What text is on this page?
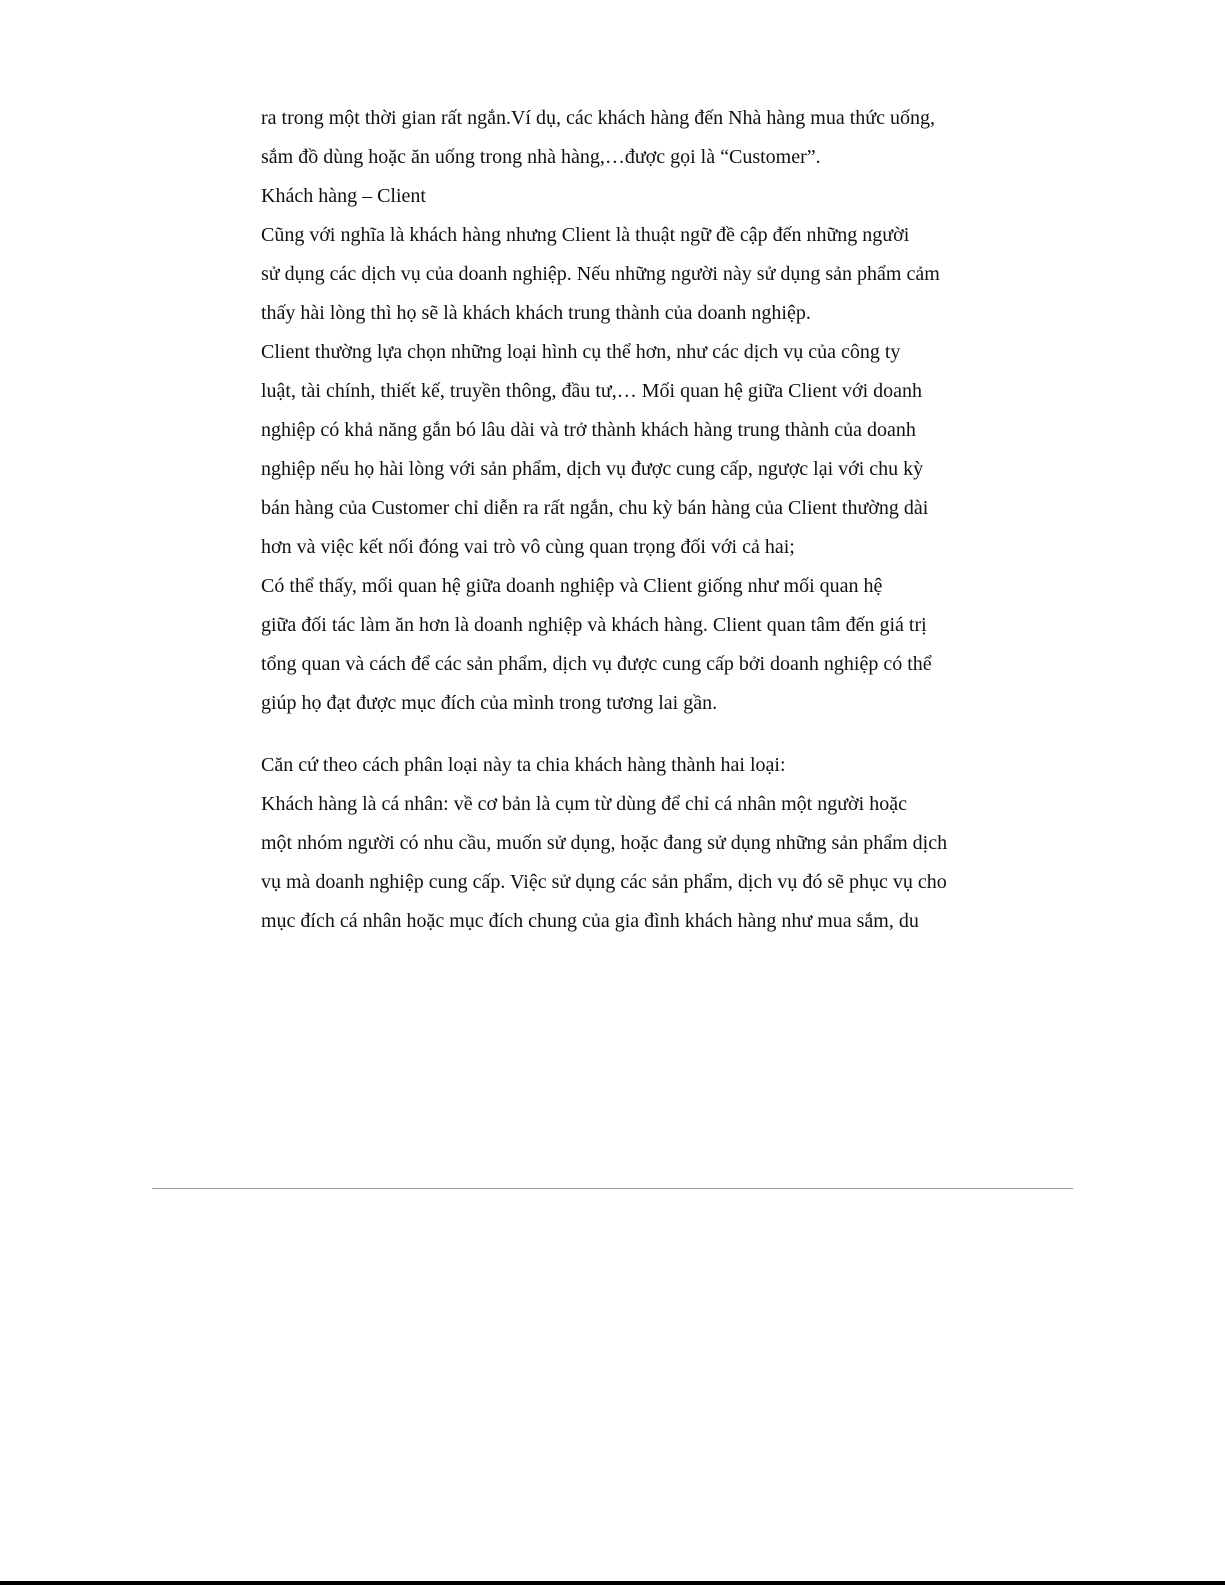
ra trong một thời gian rất ngắn.Ví dụ, các khách hàng đến Nhà hàng mua thức uống,

sắm đồ dùng hoặc ăn uống trong nhà hàng,…được gọi là “Customer”.

Khách hàng – Client

Cũng với nghĩa là khách hàng nhưng Client là thuật ngữ đề cập đến những người

sử dụng các dịch vụ của doanh nghiệp. Nếu những người này sử dụng sản phẩm cảm

thấy hài lòng thì họ sẽ là khách khách trung thành của doanh nghiệp.

Client thường lựa chọn những loại hình cụ thể hơn, như các dịch vụ của công ty

luật, tài chính, thiết kế, truyền thông, đầu tư,… Mối quan hệ giữa Client với doanh

nghiệp có khả năng gắn bó lâu dài và trở thành khách hàng trung thành của doanh

nghiệp nếu họ hài lòng với sản phẩm, dịch vụ được cung cấp, ngược lại với chu kỳ

bán hàng của Customer chỉ diễn ra rất ngắn, chu kỳ bán hàng của Client thường dài

hơn và việc kết nối đóng vai trò vô cùng quan trọng đối với cả hai;

Có thể thấy, mối quan hệ giữa doanh nghiệp và Client giống như mối quan hệ

giữa đối tác làm ăn hơn là doanh nghiệp và khách hàng. Client quan tâm đến giá trị

tổng quan và cách để các sản phẩm, dịch vụ được cung cấp bởi doanh nghiệp có thể

giúp họ đạt được mục đích của mình trong tương lai gần.

Căn cứ theo cách phân loại này ta chia khách hàng thành hai loại:

Khách hàng là cá nhân: về cơ bản là cụm từ dùng để chỉ cá nhân một người hoặc

một nhóm người có nhu cầu, muốn sử dụng, hoặc đang sử dụng những sản phẩm dịch

vụ mà doanh nghiệp cung cấp. Việc sử dụng các sản phẩm, dịch vụ đó sẽ phục vụ cho

mục đích cá nhân hoặc mục đích chung của gia đình khách hàng như mua sắm, du
